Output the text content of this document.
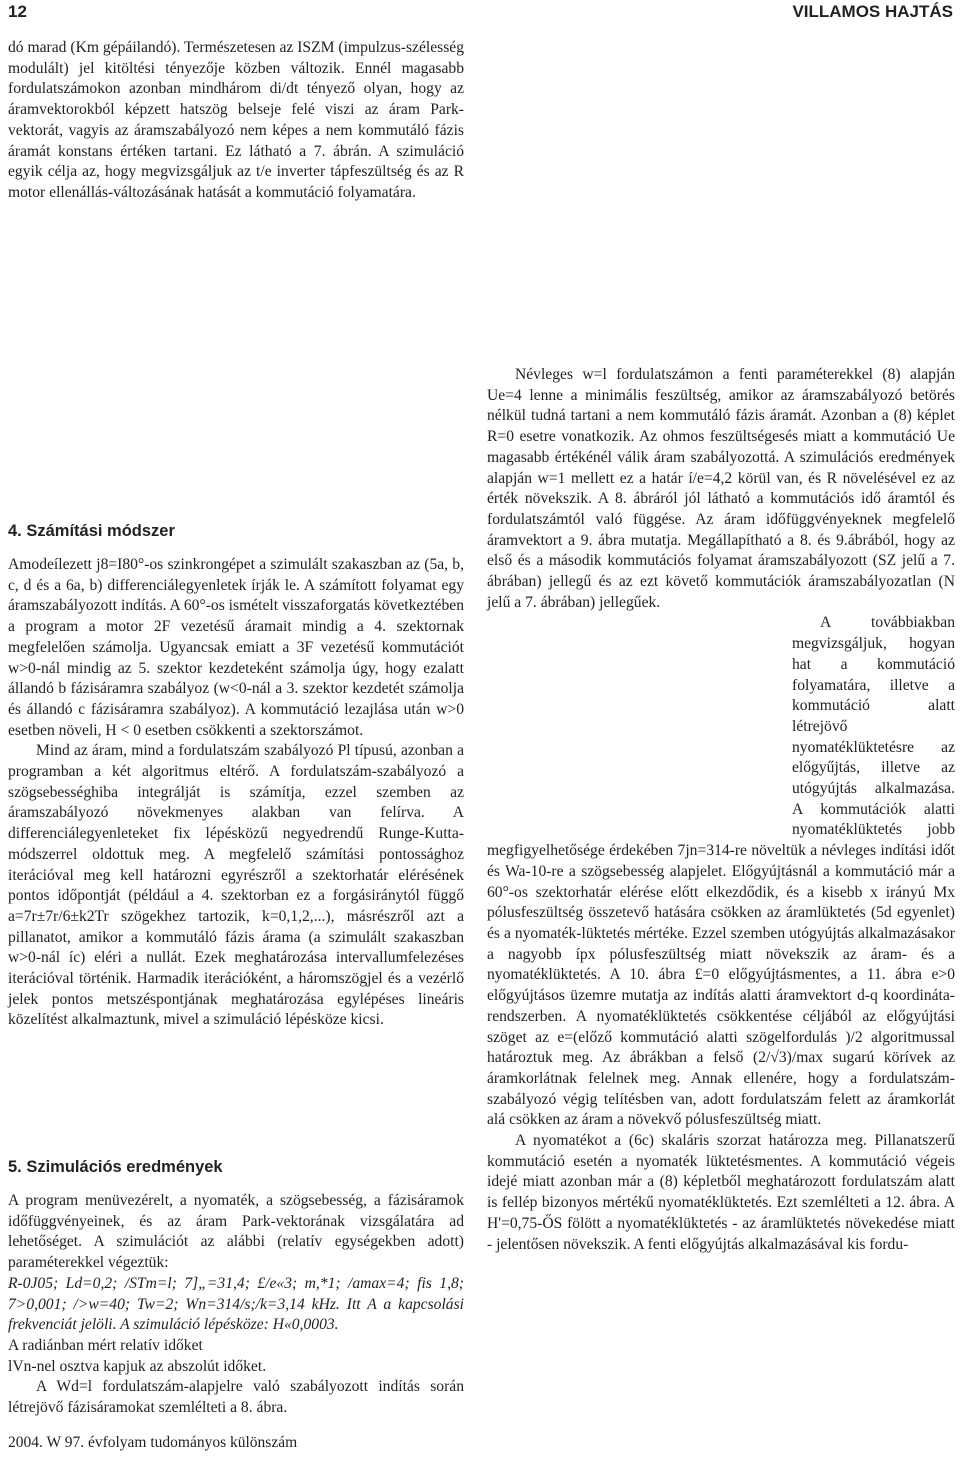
12	VILLAMOS HAJTÁS

dó marad (Km gépáilandó). Természetesen az ISZM (impulzus-szélesség modulált) jel kitöltési tényezője közben változik. Ennél magasabb fordulatszámokon azonban mindhárom di/dt tényező olyan, hogy az áramvektorokból képzett hatszög belseje felé viszi az áram Park-vektorát, vagyis az áramszabályozó nem képes a nem kommutáló fázis áramát konstans értéken tartani. Ez látható a 7. ábrán. A szimuláció egyik célja az, hogy megvizsgáljuk az t/e inverter tápfeszültség és az R motor ellenállás-változásának hatását a kommutáció folyamatára.

4. Számítási módszer

Amodeílezett j8=I80°-os szinkrongépet a szimulált szakaszban az (5a, b, c, d és a 6a, b) differenciálegyenletek írják le. A számított folyamat egy áramszabályozott indítás. A 60°-os ismételt visszaforgatás következtében a program a motor 2F vezetésű áramait mindig a 4. szektornak megfelelően számolja. Ugyancsak emiatt a 3F vezetésű kommutációt w>0-nál mindig az 5. szektor kezdeteként számolja úgy, hogy ezalatt állandó b fázisáramra szabályoz (w<0-nál a 3. szektor kezdetét számolja és állandó c fázisáramra szabályoz). A kommutáció lezajlása után w>0 esetben növeli, H < 0 esetben csökkenti a szektorszámot.

Mind az áram, mind a fordulatszám szabályozó Pl típusú, azonban a programban a két algoritmus eltérő. A fordulatszám-szabályozó a szögsebességhiba integrálját is számítja, ezzel szemben az áramszabályozó növekmenyes alakban van felírva. A differenciálegyenleteket fix lépésközű negyedrendű Runge-Kutta-módszerrel oldottuk meg. A megfelelő számítási pontossághoz iterációval meg kell határozni egyrészről a szektorhatár elérésének pontos időpontját (például a 4. szektorban ez a forgásiránytól függő a=7r±7r/6±k2Tr szögekhez tartozik, k=0,1,2,...), másrészről azt a pillanatot, amikor a kommutáló fázis árama (a szimulált szakaszban w>0-nál íc) eléri a nullát. Ezek meghatározása intervallumfelezéses iterációval történik. Harmadik iterációként, a háromszögjel és a vezérlő jelek pontos metszéspontjának meghatározása egylépéses lineáris közelítést alkalmaztunk, mivel a szimuláció lépésköze kicsi.

5. Szimulációs eredmények

A program menüvezérelt, a nyomaték, a szögsebesség, a fázisáramok időfüggvényeinek, és az áram Park-vektorának vizsgálatára ad lehetőséget. A szimulációt az alábbi (relatív egységekben adott) paraméterekkel végeztük:

R-0J05; Ld=0,2; /STm=l; 7]„=31,4; £/e«3; m,*1; /amax=4; fis 1,8; 7>0,001; />w=40; Tw=2; Wn=314/s;/k=3,14 kHz. Itt A a kapcsolási frekvenciát jelöli. A szimuláció lépésköze: H«0,0003.

A radiánban mért relatív időket

lVn-nel osztva kapjuk az abszolút időket.

A Wd=l fordulatszám-alapjelre való szabályozott indítás során létrejövő fázisáramokat szemlélteti a 8. ábra.

Névleges w=l fordulatszámon a fenti paraméterekkel (8) alapján Ue=4 lenne a minimális feszültség, amikor az áramszabályozó betörés nélkül tudná tartani a nem kommutáló fázis áramát. Azonban a (8) képlet R=0 esetre vonatkozik. Az ohmos feszültségesés miatt a kommutáció Ue magasabb értékénél válik áram szabályozottá. A szimulációs eredmények alapján w=1 mellett ez a határ í/e=4,2 körül van, és R növelésével ez az érték növekszik. A 8. ábráról jól látható a kommutációs idő áramtól és fordulatszámtól való függése. Az áram időfüggvényeknek megfelelő áramvektort a 9. ábra mutatja. Megállapítható a 8. és 9.ábrából, hogy az első és a második kommutációs folyamat áramszabályozott (SZ jelű a 7. ábrában) jellegű és az ezt követő kommutációk áramszabályozatlan (N jelű a 7. ábrában) jellegűek.

A továbbiakban megvizsgáljuk, hogyan hat a kommutáció folyamatára, illetve a kommutáció alatt létrejövő nyomatéklüktetésre az előgyűjtás, illetve az utógyújtás alkalmazása. A kommutációk alatti nyomatéklüktetés jobb megfigyelhetősége érdekében 7jn=314-re növeltük a névleges indítási időt és Wa-10-re a szögsebesség alapjelet. Előgyújtásnál a kommutáció már a 60°-os szektorhatár elérése előtt elkezdődik, és a kisebb x irányú Mx pólusfeszültség összetevő hatására csökken az áramlüktetés (5d egyenlet) és a nyomaték-lüktetés mértéke. Ezzel szemben utógyújtás alkalmazásakor a nagyobb ípx pólusfeszültség miatt növekszik az áram- és a nyomatéklüktetés. A 10. ábra £=0 előgyújtásmentes, a 11. ábra e>0 előgyújtásos üzemre mutatja az indítás alatti áramvektort d-q koordináta-rendszerben. A nyomatéklüktetés csökkentése céljából az előgyújtási szöget az e=(előző kommutáció alatti szögelfordulás )/2 algoritmussal határoztuk meg. Az ábrákban a felső (2/√3)/max sugarú körívek az áramkorlátnak felelnek meg. Annak ellenére, hogy a fordulatszám-szabályozó végig telítésben van, adott fordulatszám felett az áramkorlát alá csökken az áram a növekvő pólusfeszültség miatt.

A nyomatékot a (6c) skaláris szorzat határozza meg. Pillanatszerű kommutáció esetén a nyomaték lüktetésmentes. A kommutáció végeis idejé miatt azonban már a (8) képletből meghatározott fordulatszám alatt is fellép bizonyos mértékű nyomatéklüktetés. Ezt szemlélteti a 12. ábra. A H'=0,75-ŐS fölött a nyomatéklüktetés - az áramlüktetés növekedése miatt - jelentősen növekszik. A fenti előgyújtás alkalmazásával kis fordu-

2004. W 97. évfolyam tudományos különszám
